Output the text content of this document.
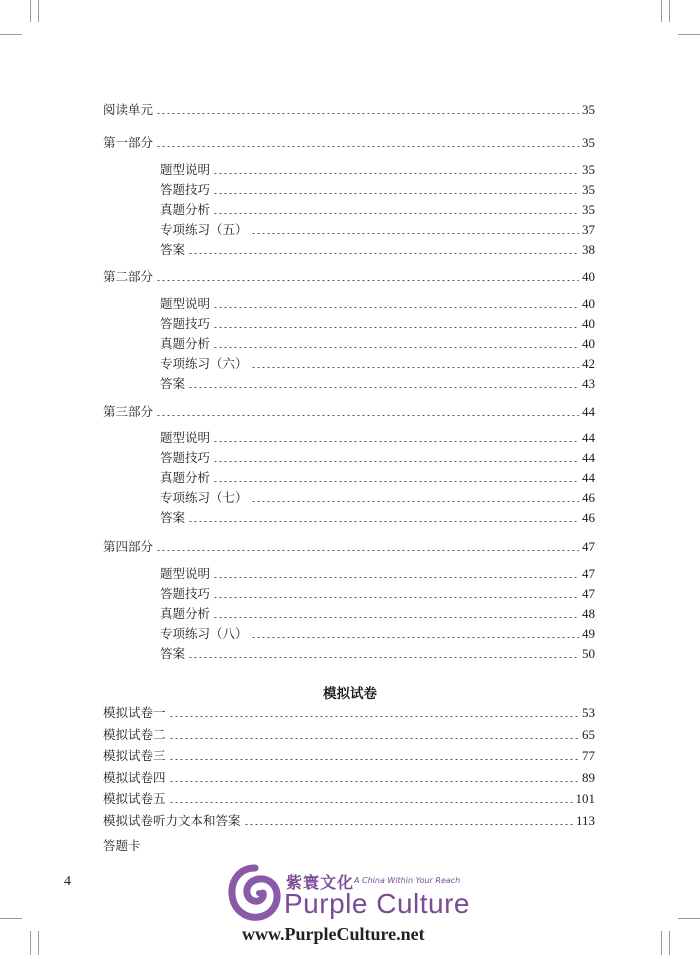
阅读单元	35
第一部分	35
题型说明	35
答题技巧	35
真题分析	35
专项练习（五）	37
答案	38
第二部分	40
题型说明	40
答题技巧	40
真题分析	40
专项练习（六）	42
答案	43
第三部分	44
题型说明	44
答题技巧	44
真题分析	44
专项练习（七）	46
答案	46
第四部分	47
题型说明	47
答题技巧	47
真题分析	48
专项练习（八）	49
答案	50
模拟试卷
模拟试卷一	53
模拟试卷二	65
模拟试卷三	77
模拟试卷四	89
模拟试卷五	101
模拟试卷听力文本和答案	113
答题卡
4	紫寰文化 A China Within Your Reach
Purple Culture
www.PurpleCulture.net
